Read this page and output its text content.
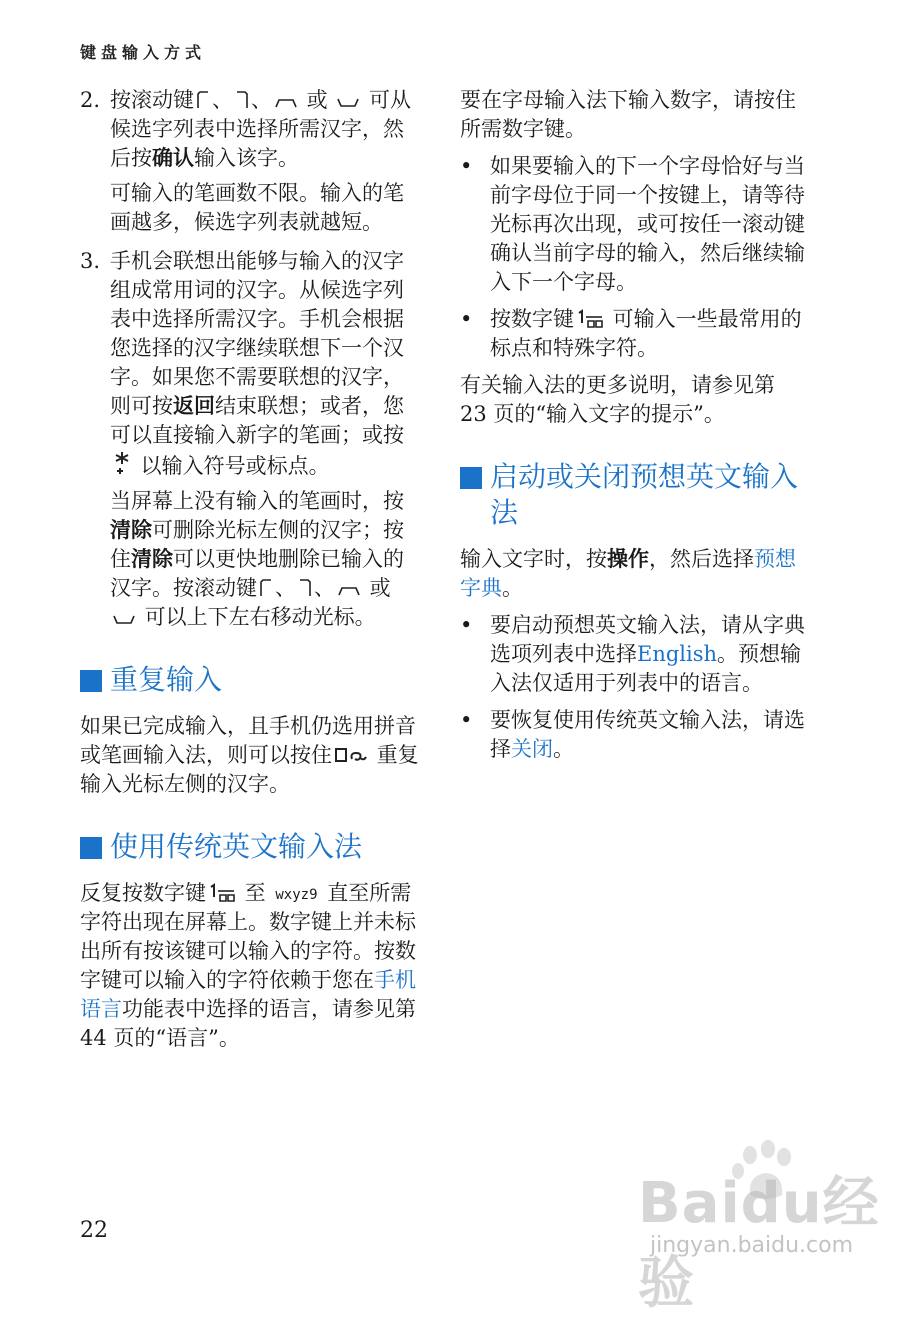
键盘输入方式
2. 按滚动键 、 、
或
可从候选字列表中选择所需汉字，然后按确认输入该字。

可输入的笔画数不限。输入的笔画越多，候选字列表就越短。

3. 手机会联想出能够与输入的汉字组成常用词的汉字。从候选字列表中选择所需汉字。手机会根据您选择的汉字继续联想下一个汉字。如果您不需要联想的汉字，则可按返回结束联想；或者，您可以直接输入新字的笔画；或按
以输入符号或标点。

当屏幕上没有输入的笔画时，按清除可删除光标左侧的汉字；按住清除可以更快地删除已输入的汉字。按滚动键 、 、
或
可以上下左右移动光标。

重复输入

如果已完成输入，且手机仍选用拼音或笔画输入法，则可以按住
重复输入光标左侧的汉字。

使用传统英文输入法

反复按数字键
至 wxyz9 直至所需字符出现在屏幕上。数字键上并未标出所有按该键可以输入的字符。按数字键可以输入的字符依赖于您在手机语言功能表中选择的语言，请参见第 44 页的“语言”。

要在字母输入法下输入数字，请按住所需数字键。

• 如果要输入的下一个字母恰好与当前字母位于同一个按键上，请等待光标再次出现，或可按任一滚动键确认当前字母的输入，然后继续输入下一个字母。

• 按数字键
可输入一些最常用的标点和特殊字符。

有关输入法的更多说明，请参见第 23 页的“输入文字的提示”。

启动或关闭预想英文输入法

输入文字时，按操作，然后选择预想字典。

• 要启动预想英文输入法，请从字典选项列表中选择English。预想输入法仅适用于列表中的语言。

• 要恢复使用传统英文输入法，请选择关闭。

22	Baidu经验
jingyan.baidu.com
